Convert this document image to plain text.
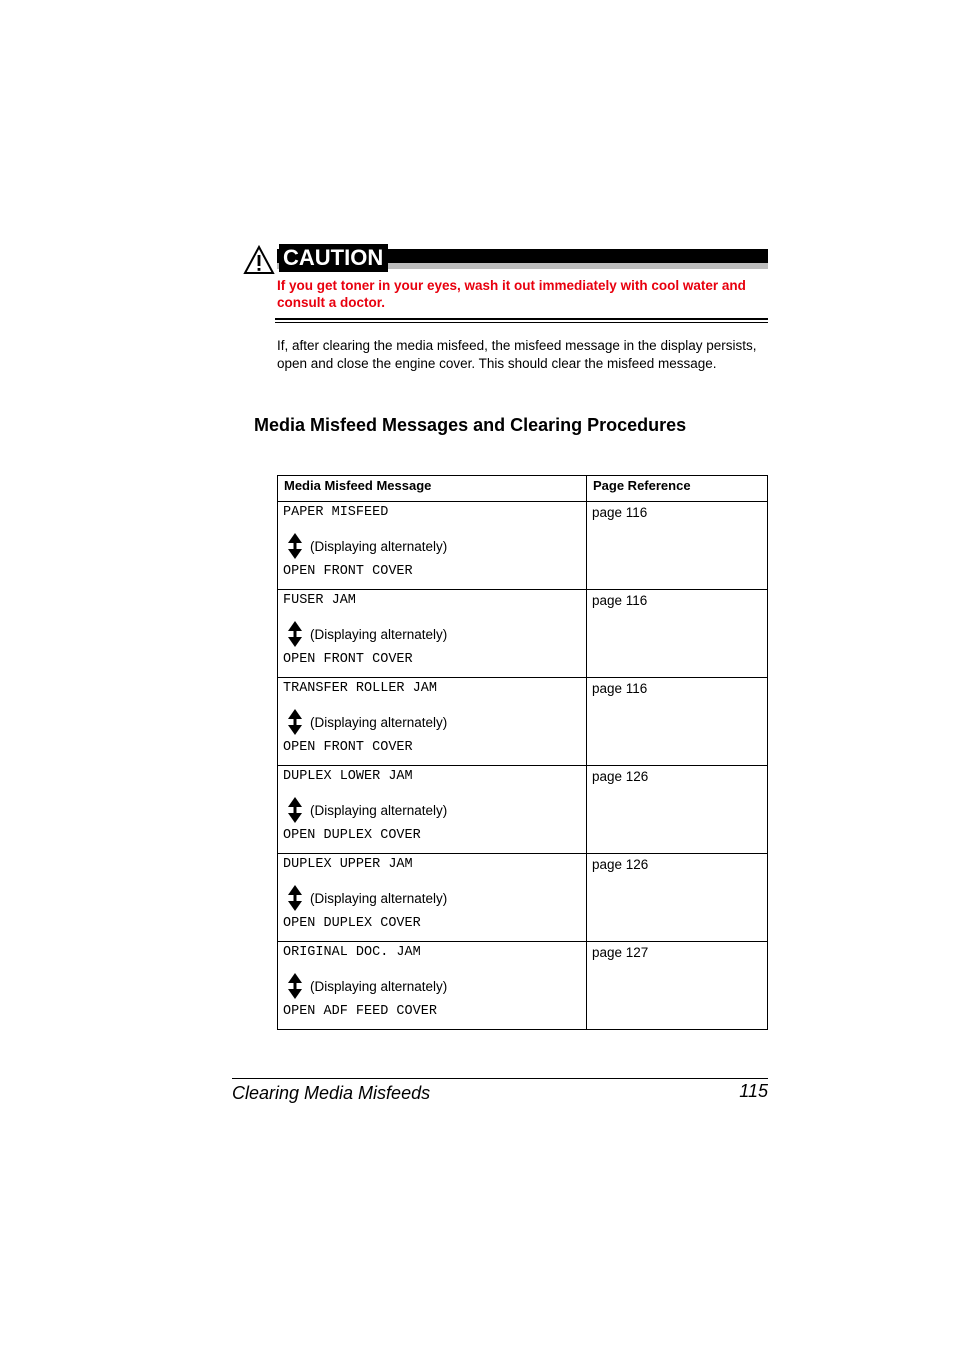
CAUTION

If you get toner in your eyes, wash it out immediately with cool water and consult a doctor.

If, after clearing the media misfeed, the misfeed message in the display persists, open and close the engine cover. This should clear the misfeed message.

Media Misfeed Messages and Clearing Procedures
Media Misfeed Message	Page Reference

PAPER MISFEED
(Displaying alternately)
OPEN FRONT COVER	page 116

FUSER JAM
(Displaying alternately)
OPEN FRONT COVER	page 116

TRANSFER ROLLER JAM
(Displaying alternately)
OPEN FRONT COVER	page 116

DUPLEX LOWER JAM
(Displaying alternately)
OPEN DUPLEX COVER	page 126

DUPLEX UPPER JAM
(Displaying alternately)
OPEN DUPLEX COVER	page 126

ORIGINAL DOC. JAM
(Displaying alternately)
OPEN ADF FEED COVER	page 127

Clearing Media Misfeeds	115
